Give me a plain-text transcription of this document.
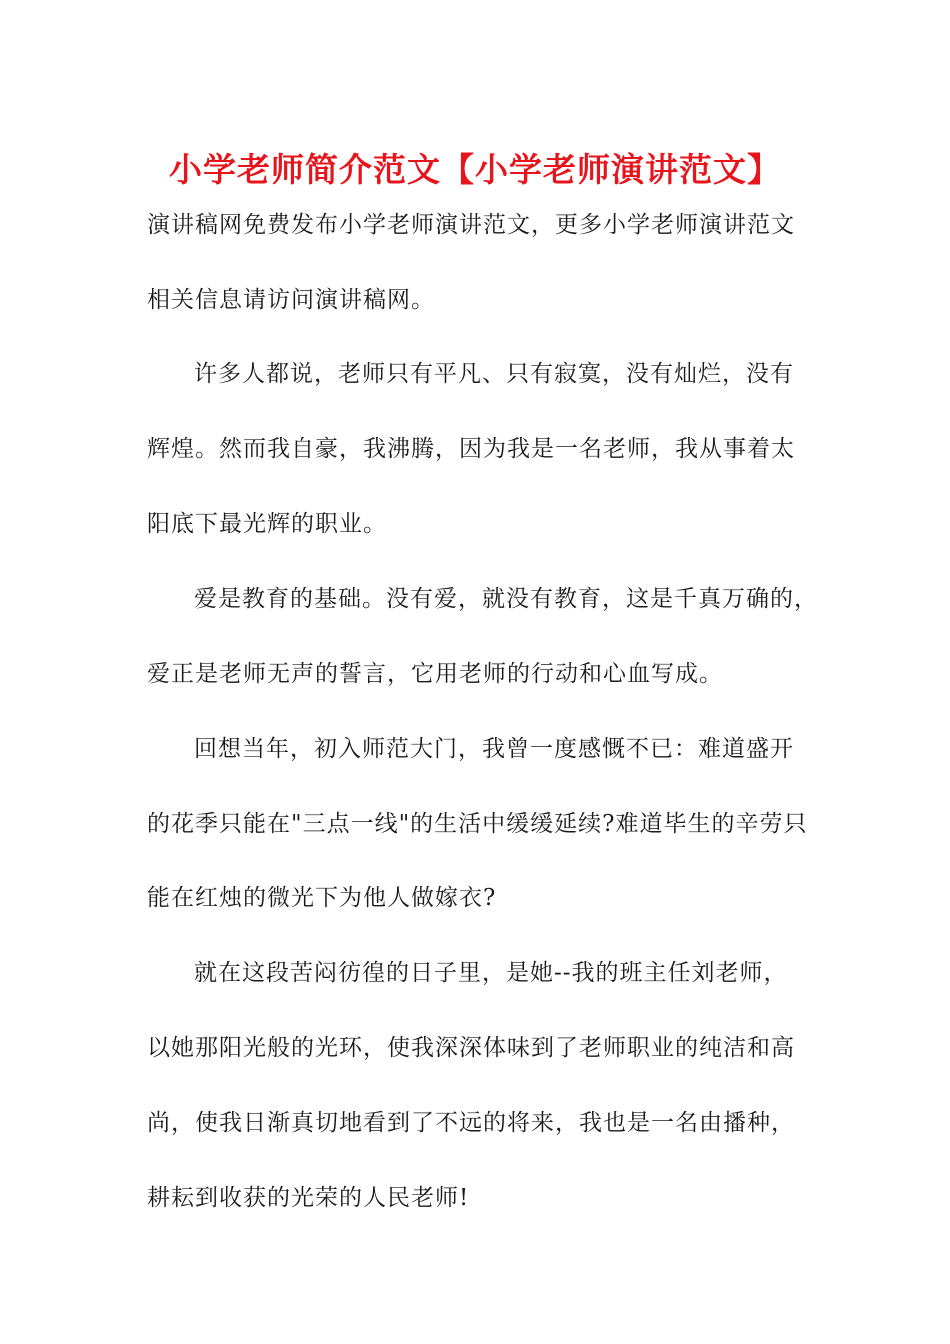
小学老师简介范文【小学老师演讲范文】
演讲稿网免费发布小学老师演讲范文，更多小学老师演讲范文
相关信息请访问演讲稿网。
许多人都说，老师只有平凡、只有寂寞，没有灿烂，没有
辉煌。然而我自豪，我沸腾，因为我是一名老师，我从事着太
阳底下最光辉的职业。
爱是教育的基础。没有爱，就没有教育，这是千真万确的，
爱正是老师无声的誓言，它用老师的行动和心血写成。
回想当年，初入师范大门，我曾一度感慨不已：难道盛开
的花季只能在"三点一线"的生活中缓缓延续?难道毕生的辛劳只
能在红烛的微光下为他人做嫁衣?
就在这段苦闷彷徨的日子里，是她--我的班主任刘老师，
以她那阳光般的光环，使我深深体味到了老师职业的纯洁和高
尚，使我日渐真切地看到了不远的将来，我也是一名由播种，
耕耘到收获的光荣的人民老师!
